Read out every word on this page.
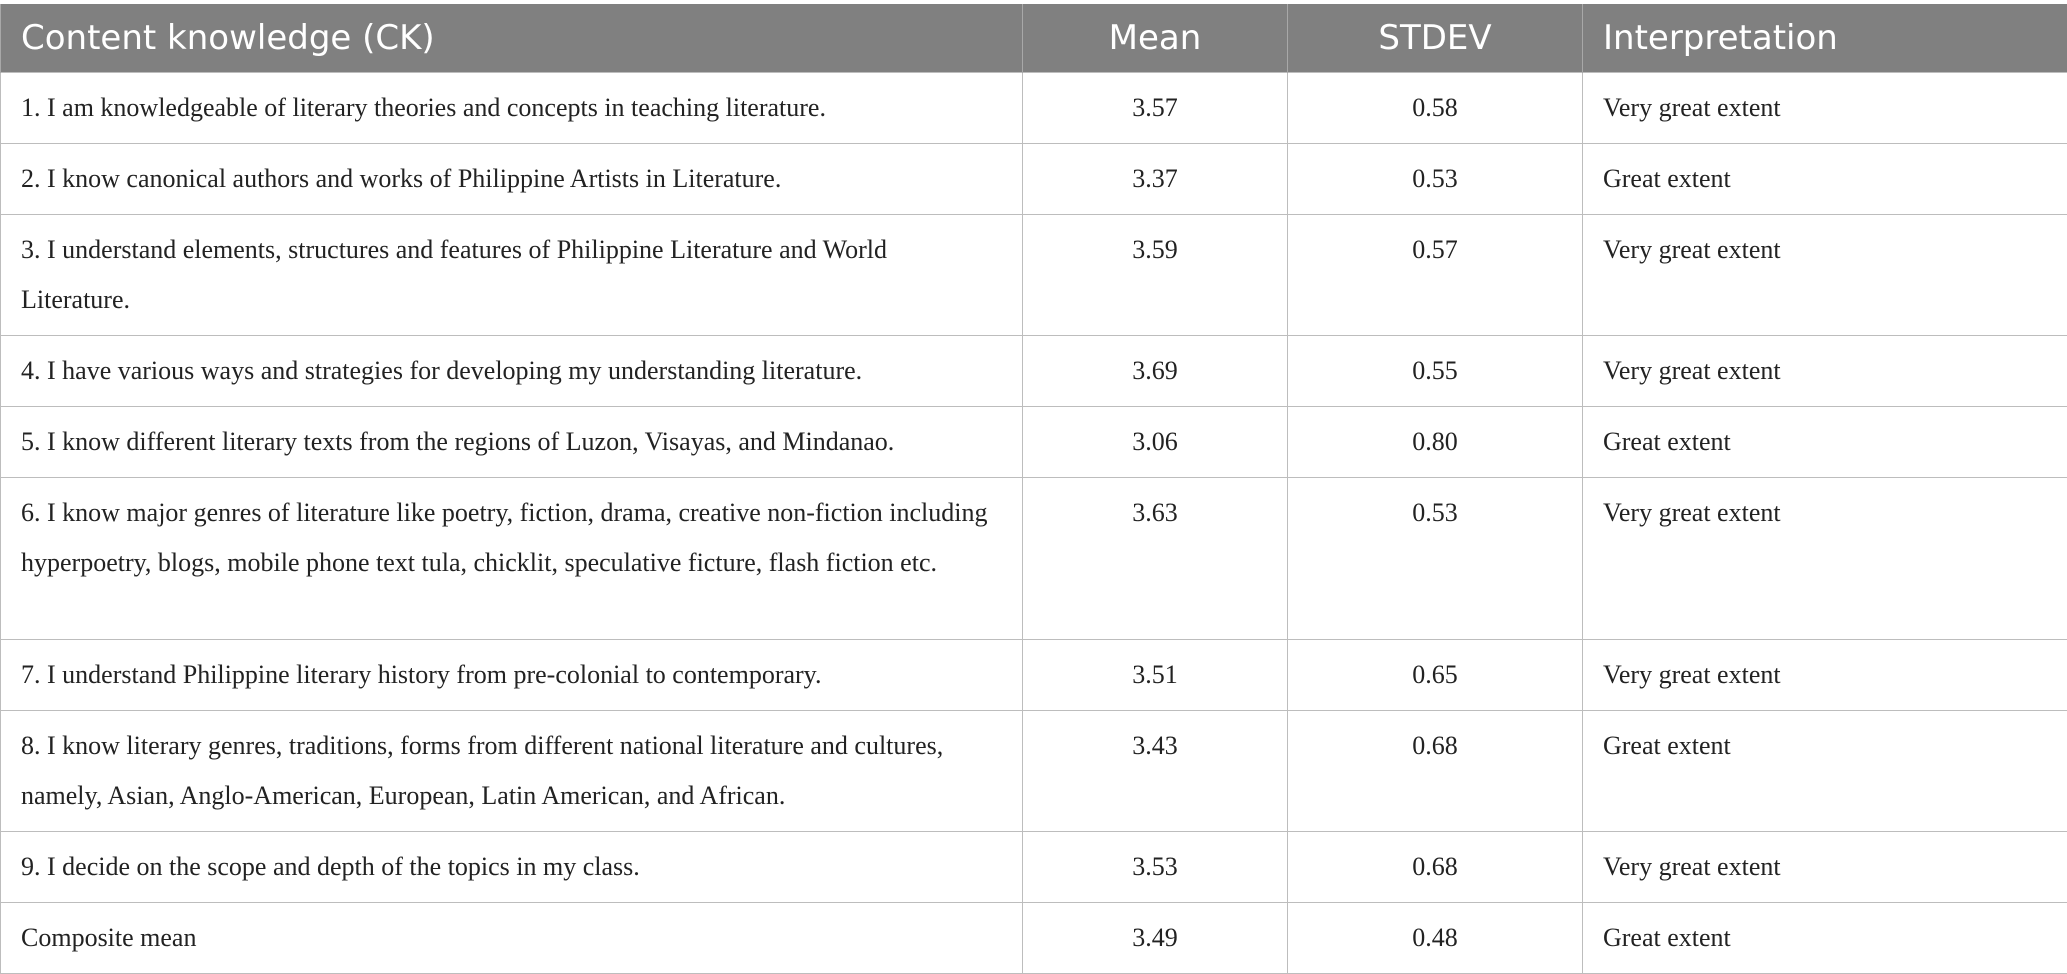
Content knowledge (CK)	Mean	STDEV	Interpretation
1. I am knowledgeable of literary theories and concepts in teaching literature.	3.57	0.58	Very great extent
2. I know canonical authors and works of Philippine Artists in Literature.	3.37	0.53	Great extent
3. I understand elements, structures and features of Philippine Literature and World Literature.	3.59	0.57	Very great extent
4. I have various ways and strategies for developing my understanding literature.	3.69	0.55	Very great extent
5. I know different literary texts from the regions of Luzon, Visayas, and Mindanao.	3.06	0.80	Great extent
6. I know major genres of literature like poetry, fiction, drama, creative non-fiction including hyperpoetry, blogs, mobile phone text tula, chicklit, speculative ficture, flash fiction etc.	3.63	0.53	Very great extent
7. I understand Philippine literary history from pre-colonial to contemporary.	3.51	0.65	Very great extent
8. I know literary genres, traditions, forms from different national literature and cultures, namely, Asian, Anglo-American, European, Latin American, and African.	3.43	0.68	Great extent
9. I decide on the scope and depth of the topics in my class.	3.53	0.68	Very great extent
Composite mean	3.49	0.48	Great extent
